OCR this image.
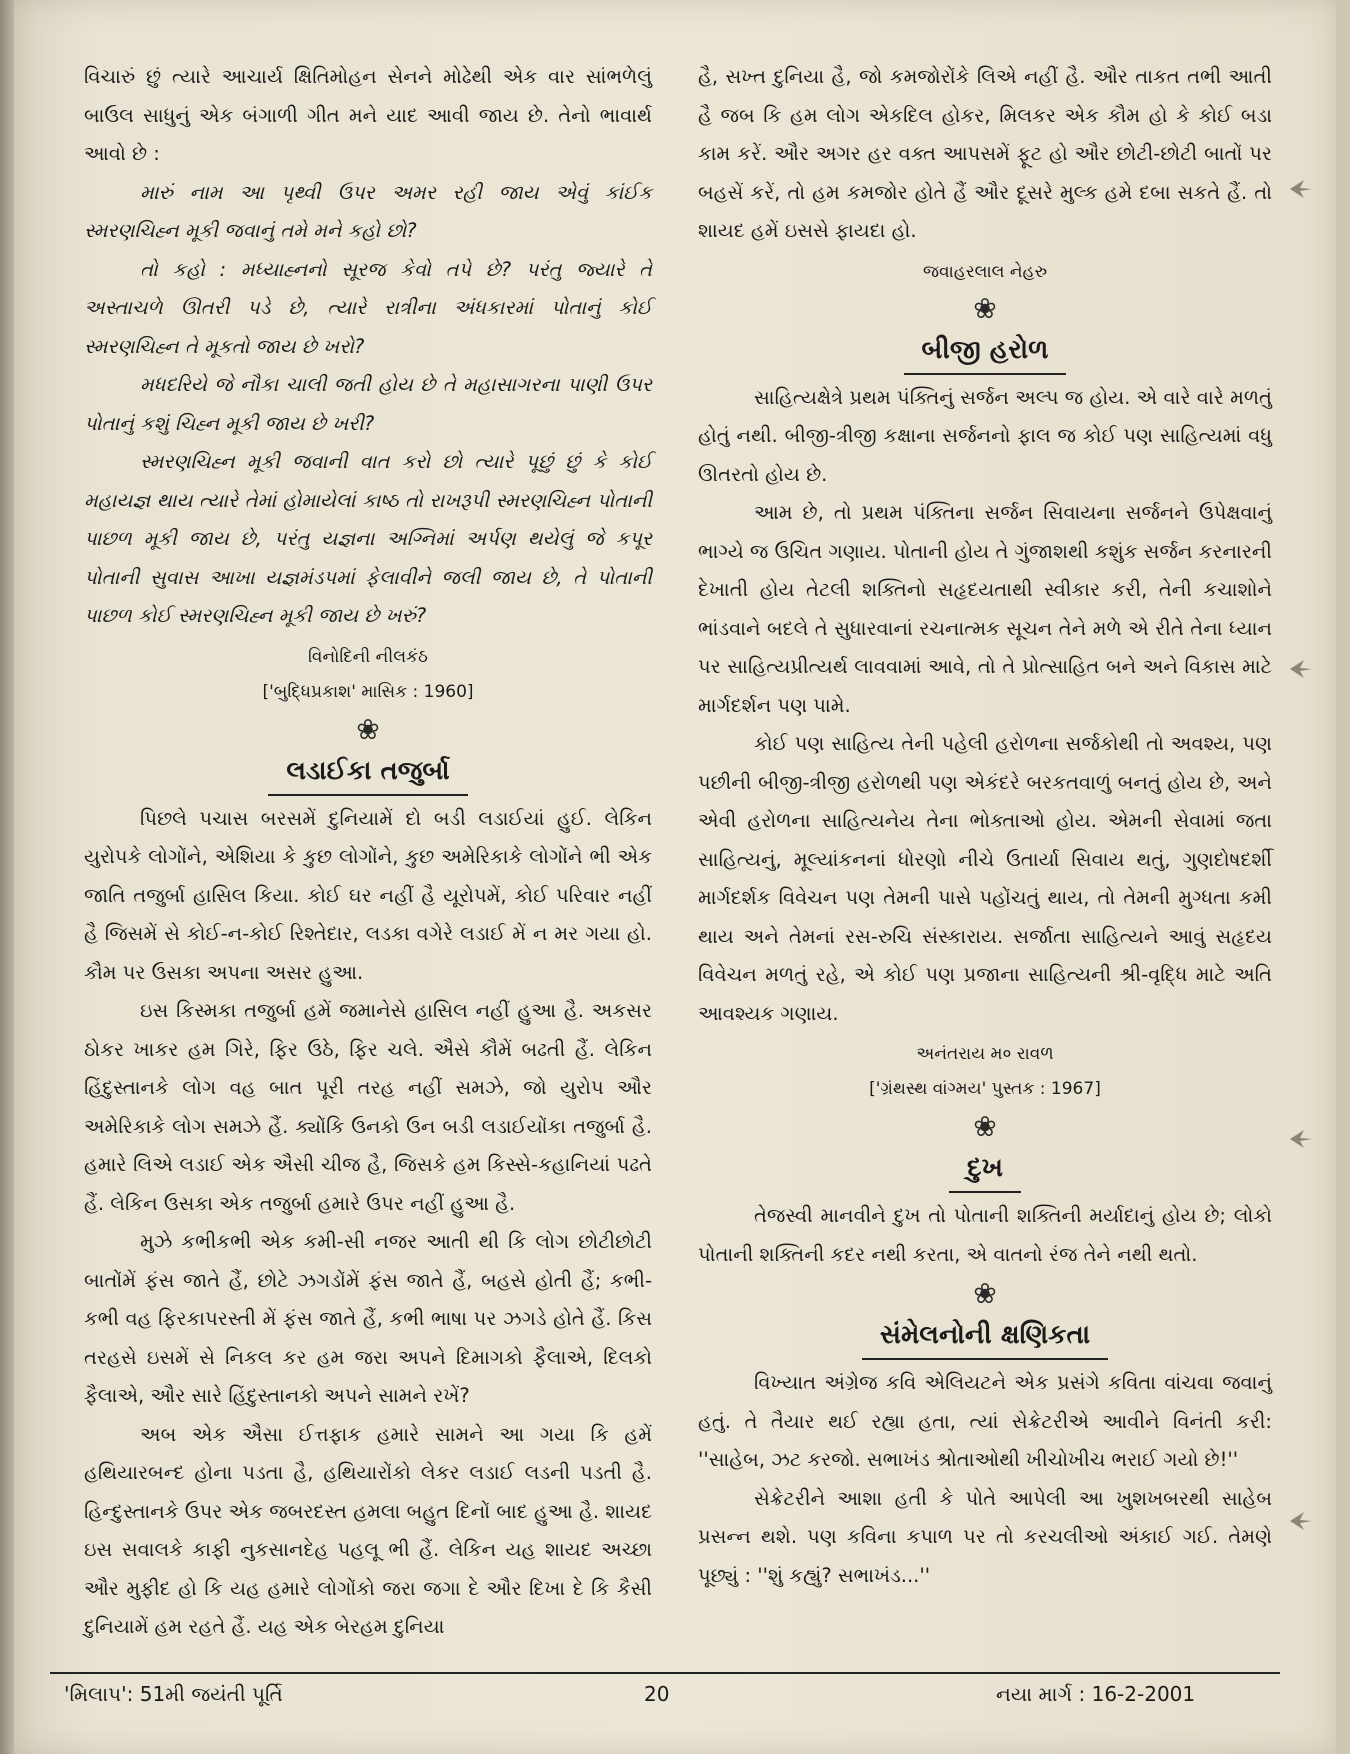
વિચારું છું ત્યારે આચાર્ય ક્ષિતિમોહન સેનને મોઢેથી એક વાર સાંભળેલું બાઉલ સાધુનું એક બંગાળી ગીત મને યાદ આવી જાય છે. તેનો ભાવાર્થ આવો છે :

મારું નામ આ પૃથ્વી ઉપર અમર રહી જાય એવું કાંઈક સ્મરણચિહ્ન મૂકી જવાનું તમે મને કહો છો?

તો કહો : મધ્યાહ્નનો સૂરજ કેવો તપે છે? પરંતુ જ્યારે તે અસ્તાચળે ઊતરી પડે છે, ત્યારે રાત્રીના અંધકારમાં પોતાનું કોઈ સ્મરણચિહ્ન તે મૂકતો જાય છે ખરો?

મધદરિયે જે નૌકા ચાલી જતી હોય છે તે મહાસાગરના પાણી ઉપર પોતાનું કશું ચિહ્ન મૂકી જાય છે ખરી?

સ્મરણચિહ્ન મૂકી જવાની વાત કરો છો ત્યારે પૂછું છું કે કોઈ મહાયજ્ઞ થાય ત્યારે તેમાં હોમાયેલાં કાષ્ઠ તો રાખરૂપી સ્મરણચિહ્ન પોતાની પાછળ મૂકી જાય છે, પરંતુ યજ્ઞના અગ્નિમાં અર્પણ થયેલું જે કપૂર પોતાની સુવાસ આખા યજ્ઞમંડપમાં ફેલાવીને જલી જાય છે, તે પોતાની પાછળ કોઈ સ્મરણચિહ્ન મૂકી જાય છે ખરું?

વિનોદિની નીલકંઠ
['બુદ્ધિપ્રકાશ' માસિક : 1960]
❀
લડાઈકા તજુર્બા

પિછલે પચાસ બરસમેં દુનિયામેં દો બડી લડાઈયાં હુઈ. લેકિન યુરોપકે લોગોંને, એશિયા કે કુછ લોગોંને, કુછ અમેરિકાકે લોગોંને ભી એક જાતિ તજુર્બા હાસિલ કિયા. કોઈ ઘર નહીં હૈ યૂરોપમેં, કોઈ પરિવાર નહીં હૈ જિસમેં સે કોઈ-ન-કોઈ રિશ્તેદાર, લડકા વગેરે લડાઈ મેં ન મર ગયા હો. કૌમ પર ઉસકા અપના અસર હુઆ.

ઇસ કિસ્મકા તજુર્બા હમેં જમાનેસે હાસિલ નહીં હુઆ હૈ. અકસર ઠોકર ખાકર હમ ગિરે, ફિર ઉઠે, ફિર ચલે. ઐસે કૌમેં બઢતી હૈં. લેકિન હિંદુસ્તાનકે લોગ વહ બાત પૂરી તરહ નહીં સમઝે, જો યુરોપ ઔર અમેરિકાકે લોગ સમઝે હૈં. ક્યોંકિ ઉનકો ઉન બડી લડાઈયોંકા તજુર્બા હૈ. હમારે લિએ લડાઈ એક ઐસી ચીજ હૈ, જિસકે હમ કિસ્સે-કહાનિયાં પઢતે હૈં. લેકિન ઉસકા એક તજુર્બા હમારે ઉપર નહીં હુઆ હૈ.

મુઝે કભીકભી એક કમી-સી નજર આતી થી કિ લોગ છોટીછોટી બાતોંમેં ફંસ જાતે હૈં, છોટે ઝગડોંમેં ફંસ જાતે હૈં, બહસે હોતી હૈં; કભી-કભી વહ ફિરકાપરસ્તી મેં ફંસ જાતે હૈં, કભી ભાષા પર ઝગડે હોતે હૈં. કિસ તરહસે ઇસમેં સે નિકલ કર હમ જરા અપને દિમાગકો ફૈલાએ, દિલકો ફૈલાએ, ઔર સારે હિંદુસ્તાનકો અપને સામને રખેં?

અબ એક ઐસા ઈત્તફાક હમારે સામને આ ગયા કિ હમેં હથિયારબન્દ હોના પડતા હૈ, હથિયારોંકો લેકર લડાઈ લડની પડતી હૈ. હિન્દુસ્તાનકે ઉપર એક જબરદસ્ત હમલા બહુત દિનોં બાદ હુઆ હૈ. શાયદ ઇસ સવાલકે કાફી નુકસાનદેહ પહલૂ ભી હૈં. લેકિન યહ શાયદ અચ્છા ઔર મુફીદ હો કિ યહ હમારે લોગોંકો જરા જગા દે ઔર દિખા દે કિ કૈસી દુનિયામેં હમ રહતે હૈં. યહ એક બેરહમ દુનિયા

હૈ, સખ્ત દુનિયા હૈ, જો કમજોરોંકે લિએ નહીં હૈ. ઔર તાકત તભી આતી હૈ જબ કિ હમ લોગ એકદિલ હોકર, મિલકર એક કૌમ હો કે કોઈ બડા કામ કરેં. ઔર અગર હર વક્ત આપસમેં ફૂટ હો ઔર છોટી-છોટી બાતોં પર બહસેં કરેં, તો હમ કમજોર હોતે હૈં ઔર દૂસરે મુલ્ક હમે દબા સકતે હૈં. તો શાયદ હમેં ઇસસે ફાયદા હો.

જવાહરલાલ નેહરુ
❀
બીજી હરોળ

સાહિત્યક્ષેત્રે પ્રથમ પંક્તિનું સર્જન અલ્પ જ હોય. એ વારે વારે મળતું હોતું નથી. બીજી-ત્રીજી કક્ષાના સર્જનનો ફાલ જ કોઈ પણ સાહિત્યમાં વધુ ઊતરતો હોય છે.

આમ છે, તો પ્રથમ પંક્તિના સર્જન સિવાયના સર્જનને ઉપેક્ષવાનું ભાગ્યે જ ઉચિત ગણાય. પોતાની હોય તે ગુંજાશથી કશુંક સર્જન કરનારની દેખાતી હોય તેટલી શક્તિનો સહૃદયતાથી સ્વીકાર કરી, તેની કચાશોને ભાંડવાને બદલે તે સુધારવાનાં રચનાત્મક સૂચન તેને મળે એ રીતે તેના ધ્યાન પર સાહિત્યપ્રીત્યર્થ લાવવામાં આવે, તો તે પ્રોત્સાહિત બને અને વિકાસ માટે માર્ગદર્શન પણ પામે.

કોઈ પણ સાહિત્ય તેની પહેલી હરોળના સર્જકોથી તો અવશ્ય, પણ પછીની બીજી-ત્રીજી હરોળથી પણ એકંદરે બરકતવાળું બનતું હોય છે, અને એવી હરોળના સાહિત્યનેય તેના ભોક્તાઓ હોય. એમની સેવામાં જતા સાહિત્યનું, મૂલ્યાંકનનાં ધોરણો નીચે ઉતાર્યા સિવાય થતું, ગુણદોષદર્શી માર્ગદર્શક વિવેચન પણ તેમની પાસે પહોંચતું થાય, તો તેમની મુગ્ધતા કમી થાય અને તેમનાં રસ-રુચિ સંસ્કારાય. સર્જાતા સાહિત્યને આવું સહૃદય વિવેચન મળતું રહે, એ કોઈ પણ પ્રજાના સાહિત્યની શ્રી-વૃદ્ધિ માટે અતિ આવશ્યક ગણાય.

અનંતરાય મ० રાવળ
['ગ્રંથસ્થ વાંગ્મય' પુસ્તક : 1967]
❀
દુખ

તેજસ્વી માનવીને દુખ તો પોતાની શક્તિની મર્યાદાનું હોય છે; લોકો પોતાની શક્તિની કદર નથી કરતા, એ વાતનો રંજ તેને નથી થતો.

❀
સંમેલનોની ક્ષણિકતા

વિખ્યાત અંગ્રેજ કવિ એલિયટને એક પ્રસંગે કવિતા વાંચવા જવાનું હતું. તે તૈયાર થઈ રહ્યા હતા, ત્યાં સેક્રેટરીએ આવીને વિનંતી કરી: ''સાહેબ, ઝટ કરજો. સભાખંડ શ્રોતાઓથી ખીચોખીચ ભરાઈ ગયો છે!''

સેક્રેટરીને આશા હતી કે પોતે આપેલી આ ખુશખબરથી સાહેબ પ્રસન્ન થશે. પણ કવિના કપાળ પર તો કરચલીઓ અંકાઈ ગઈ. તેમણે પૂછ્યું : ''શું કહ્યું? સભાખંડ...''

'મિલાપ': 51મી જયંતી પૂર્તિ	20	નયા માર્ગ : 16-2-2001
